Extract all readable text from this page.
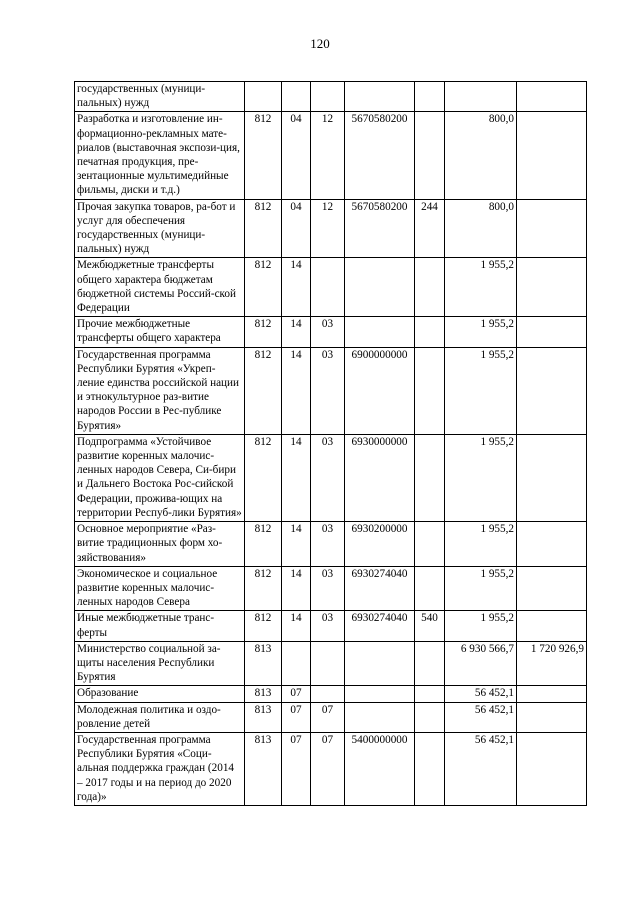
120
государственных (муници-пальных) нужд							
Разработка и изготовление ин-формационно-рекламных мате-риалов (выставочная экспози-ция, печатная продукция, пре-зентационные мультимедийные фильмы, диски и т.д.)	812	04	12	5670580200		800,0	
Прочая закупка товаров, ра-бот и услуг для обеспечения государственных (муници-пальных) нужд	812	04	12	5670580200	244	800,0	
Межбюджетные трансферты общего характера бюджетам бюджетной системы Россий-ской Федерации	812	14				1 955,2	
Прочие межбюджетные трансферты общего характера	812	14	03			1 955,2	
Государственная программа Республики Бурятия «Укреп-ление единства российской нации и этнокультурное раз-витие народов России в Рес-публике Бурятия»	812	14	03	6900000000		1 955,2	
Подпрограмма «Устойчивое развитие коренных малочис-ленных народов Севера, Си-бири и Дальнего Востока Рос-сийской Федерации, прожива-ющих на территории Респуб-лики Бурятия»	812	14	03	6930000000		1 955,2	
Основное мероприятие «Раз-витие традиционных форм хо-зяйствования»	812	14	03	6930200000		1 955,2	
Экономическое и социальное развитие коренных малочис-ленных народов Севера	812	14	03	6930274040		1 955,2	
Иные межбюджетные транс-ферты	812	14	03	6930274040	540	1 955,2	
Министерство социальной за-щиты населения Республики Бурятия	813					6 930 566,7	1 720 926,9
Образование	813	07				56 452,1	
Молодежная политика и оздо-ровление детей	813	07	07			56 452,1	
Государственная программа Республики Бурятия «Соци-альная поддержка граждан (2014 – 2017 годы и на период до 2020 года)»	813	07	07	5400000000		56 452,1	
